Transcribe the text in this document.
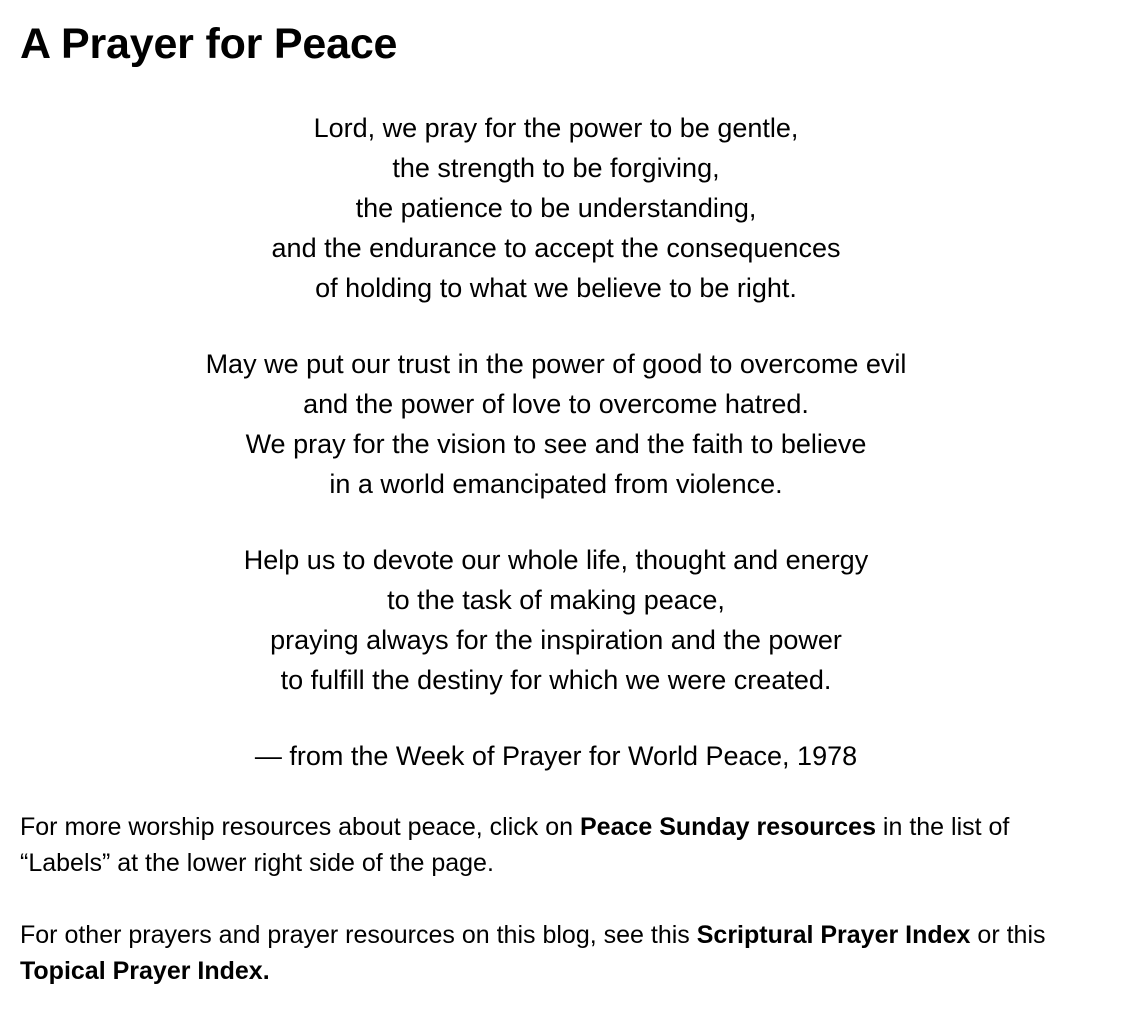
A Prayer for Peace

Lord, we pray for the power to be gentle,
the strength to be forgiving,
the patience to be understanding,
and the endurance to accept the consequences
of holding to what we believe to be right.

May we put our trust in the power of good to overcome evil
and the power of love to overcome hatred.
We pray for the vision to see and the faith to believe
in a world emancipated from violence.

Help us to devote our whole life, thought and energy
to the task of making peace,
praying always for the inspiration and the power
to fulfill the destiny for which we were created.

— from the Week of Prayer for World Peace, 1978

For more worship resources about peace, click on Peace Sunday resources in the list of “Labels” at the lower right side of the page.

For other prayers and prayer resources on this blog, see this Scriptural Prayer Index or this Topical Prayer Index.
